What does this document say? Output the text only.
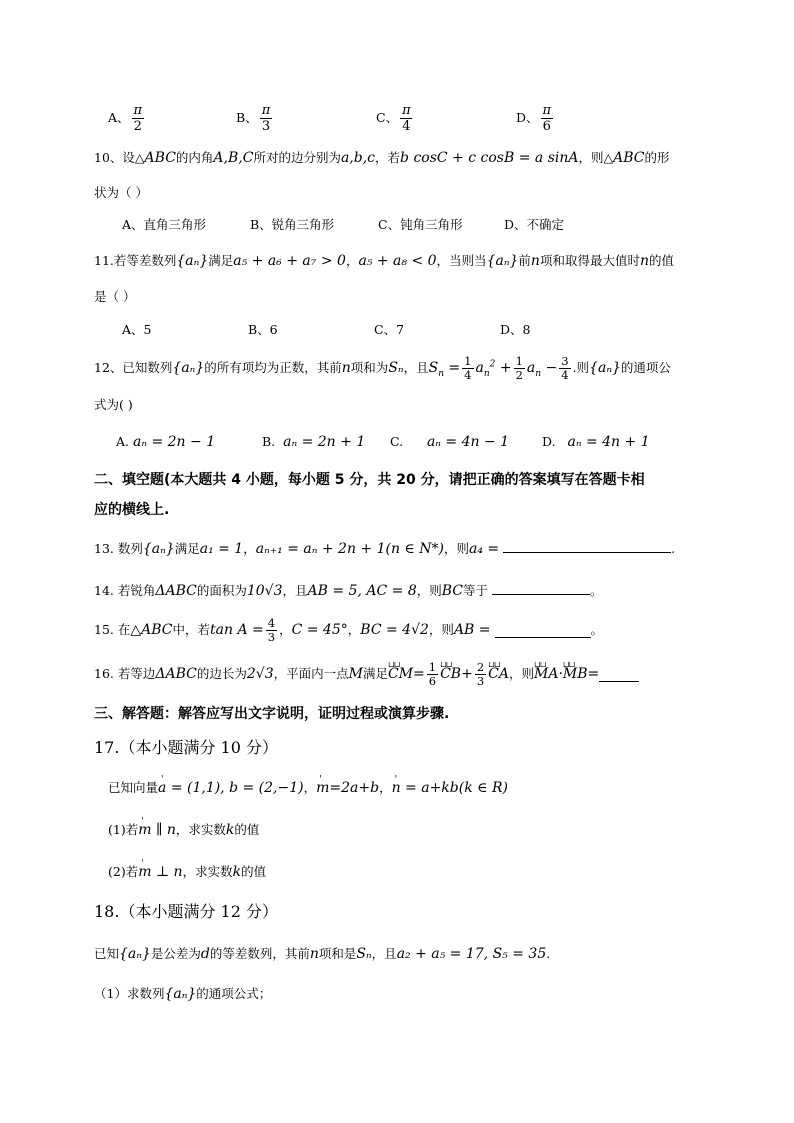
A、 $\frac{\pi}{2}$	B、 $\frac{\pi}{3}$	C、 $\frac{\pi}{4}$	D、 $\frac{\pi}{6}$
10、设△ABC的内角A,B,C所对的边分别为a,b,c，若b cosC + c cosB = a sinA，则△ABC的形
状为（ ）
A、直角三角形	B、锐角三角形	C、钝角三角形	D、不确定
11.若等差数列{aₙ}满足a₅ + a₆ + a₇ > 0，a₅ + a₈ < 0，当则当{aₙ}前n项和取得最大值时n的值
是（ ）
A、5	B、6	C、7	D、8
12、已知数列 {aₙ} 的所有项均为正数，其前 n 项和为 Sₙ ，且 $S_n = \frac{1}{4} a_n^2 + \frac{1}{2} a_n - \frac{3}{4}$ .则 {aₙ} 的通项公
式为( )
A.
aₙ = 2n − 1	B.
aₙ = 2n + 1 C.
aₙ = 4n − 1	D.
aₙ = 4n + 1
二、填空题(本大题共 4 小题，每小题 5 分，共 20 分，请把正确的答案填写在答题卡相
应的横线上.
13. 数列{aₙ}满足a₁ = 1，aₙ₊₁ = aₙ + 2n + 1(n ∈ N*)，则a₄ =	.
14. 若锐角ΔABC的面积为10√3，且AB = 5, AC = 8，则BC等于	。
15. 在 △ABC 中，若 $\tan A = \frac{4}{3}$ ， C = 45° ， BC = 4√2 ，则 AB =
	。
16. 若等边 ΔABC 的边长为 2√3 ，平面内一点 M 满足 ⊔⊔ CM = $\frac{1}{6}$ ⊔⊔ CB + $\frac{2}{3}$ ⊔⊔ CA ，则 ⊔⊔ MA · ⊔⊔ MB =
三、解答题：解答应写出文字说明，证明过程或演算步骤.
17.（本小题满分 10 分）
已知向量' a = (1,1), b = (2,−1)，' m=2a+b，' n = a+kb(k ∈ R)
(1)若' m ∥ n，求实数k的值
(2)若' m ⊥ n，求实数k的值
18.（本小题满分 12 分）
已知{aₙ}是公差为d的等差数列，其前n项和是Sₙ，且a₂ + a₅ = 17, S₅ = 35.
（1）求数列{aₙ}的通项公式；
